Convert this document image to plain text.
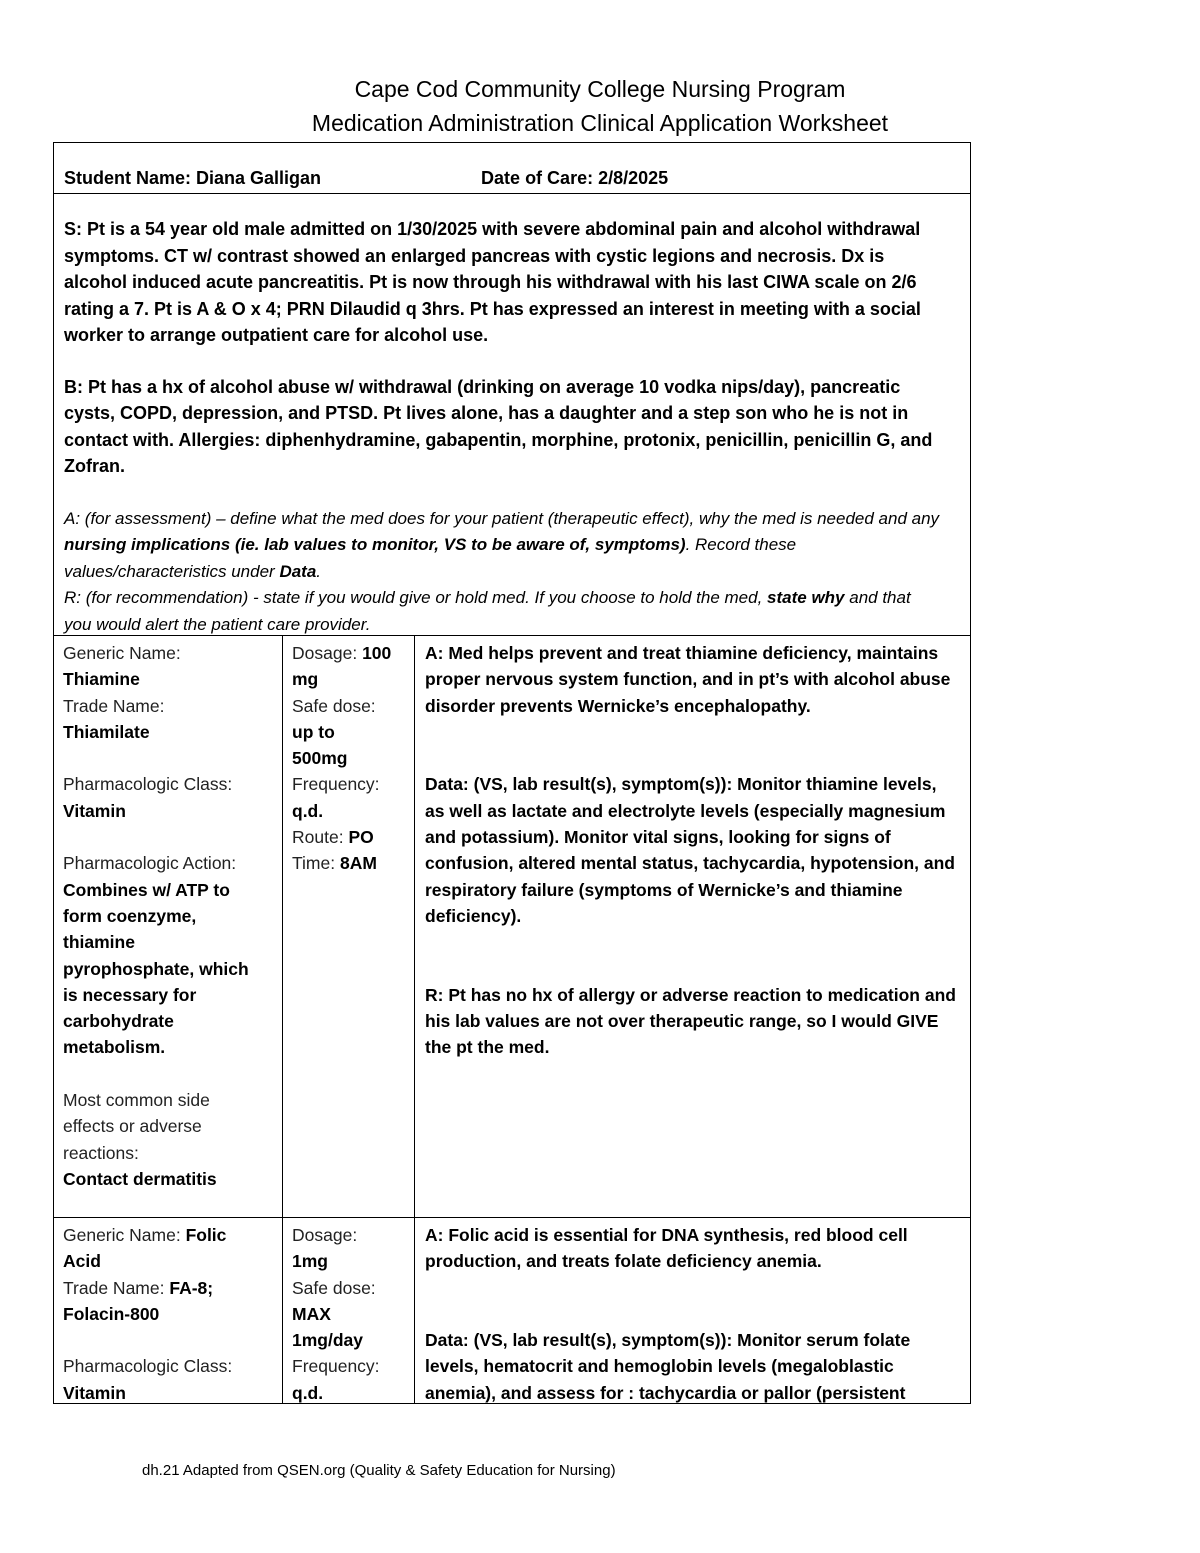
Cape Cod Community College Nursing Program
Medication Administration Clinical Application Worksheet
Student Name: Diana Galligan	Date of Care: 2/8/2025

S: Pt is a 54 year old male admitted on 1/30/2025 with severe abdominal pain and alcohol withdrawal symptoms. CT w/ contrast showed an enlarged pancreas with cystic legions and necrosis. Dx is alcohol induced acute pancreatitis. Pt is now through his withdrawal with his last CIWA scale on 2/6 rating a 7. Pt is A & O x 4; PRN Dilaudid q 3hrs. Pt has expressed an interest in meeting with a social worker to arrange outpatient care for alcohol use.

B: Pt has a hx of alcohol abuse w/ withdrawal (drinking on average 10 vodka nips/day), pancreatic cysts, COPD, depression, and PTSD. Pt lives alone, has a daughter and a step son who he is not in contact with. Allergies: diphenhydramine, gabapentin, morphine, protonix, penicillin, penicillin G, and Zofran.

A: (for assessment) – define what the med does for your patient (therapeutic effect), why the med is needed and any nursing implications (ie. lab values to monitor, VS to be aware of, symptoms). Record these values/characteristics under Data.

R: (for recommendation) - state if you would give or hold med. If you choose to hold the med, state why and that you would alert the patient care provider.

Generic Name:
Thiamine
Trade Name:
Thiamilate

Pharmacologic Class:
Vitamin

Pharmacologic Action:
Combines w/ ATP to form coenzyme, thiamine pyrophosphate, which is necessary for carbohydrate metabolism.

Most common side effects or adverse reactions:
Contact dermatitis
Dosage: 100 mg
Safe dose:
up to 500mg
Frequency:
q.d.
Route: PO
Time: 8AM
A: Med helps prevent and treat thiamine deficiency, maintains proper nervous system function, and in pt’s with alcohol abuse disorder prevents Wernicke’s encephalopathy.

Data: (VS, lab result(s), symptom(s)): Monitor thiamine levels, as well as lactate and electrolyte levels (especially magnesium and potassium). Monitor vital signs, looking for signs of confusion, altered mental status, tachycardia, hypotension, and respiratory failure (symptoms of Wernicke’s and thiamine deficiency).

R: Pt has no hx of allergy or adverse reaction to medication and his lab values are not over therapeutic range, so I would GIVE the pt the med.
Generic Name: Folic Acid
Trade Name: FA-8; Folacin-800

Pharmacologic Class:
Vitamin
Dosage:
1mg
Safe dose:
MAX 1mg/day
Frequency:
q.d.
A: Folic acid is essential for DNA synthesis, red blood cell production, and treats folate deficiency anemia.

Data: (VS, lab result(s), symptom(s)): Monitor serum folate levels, hematocrit and hemoglobin levels (megaloblastic anemia), and assess for : tachycardia or pallor (persistent
dh.21 Adapted from QSEN.org (Quality & Safety Education for Nursing)
